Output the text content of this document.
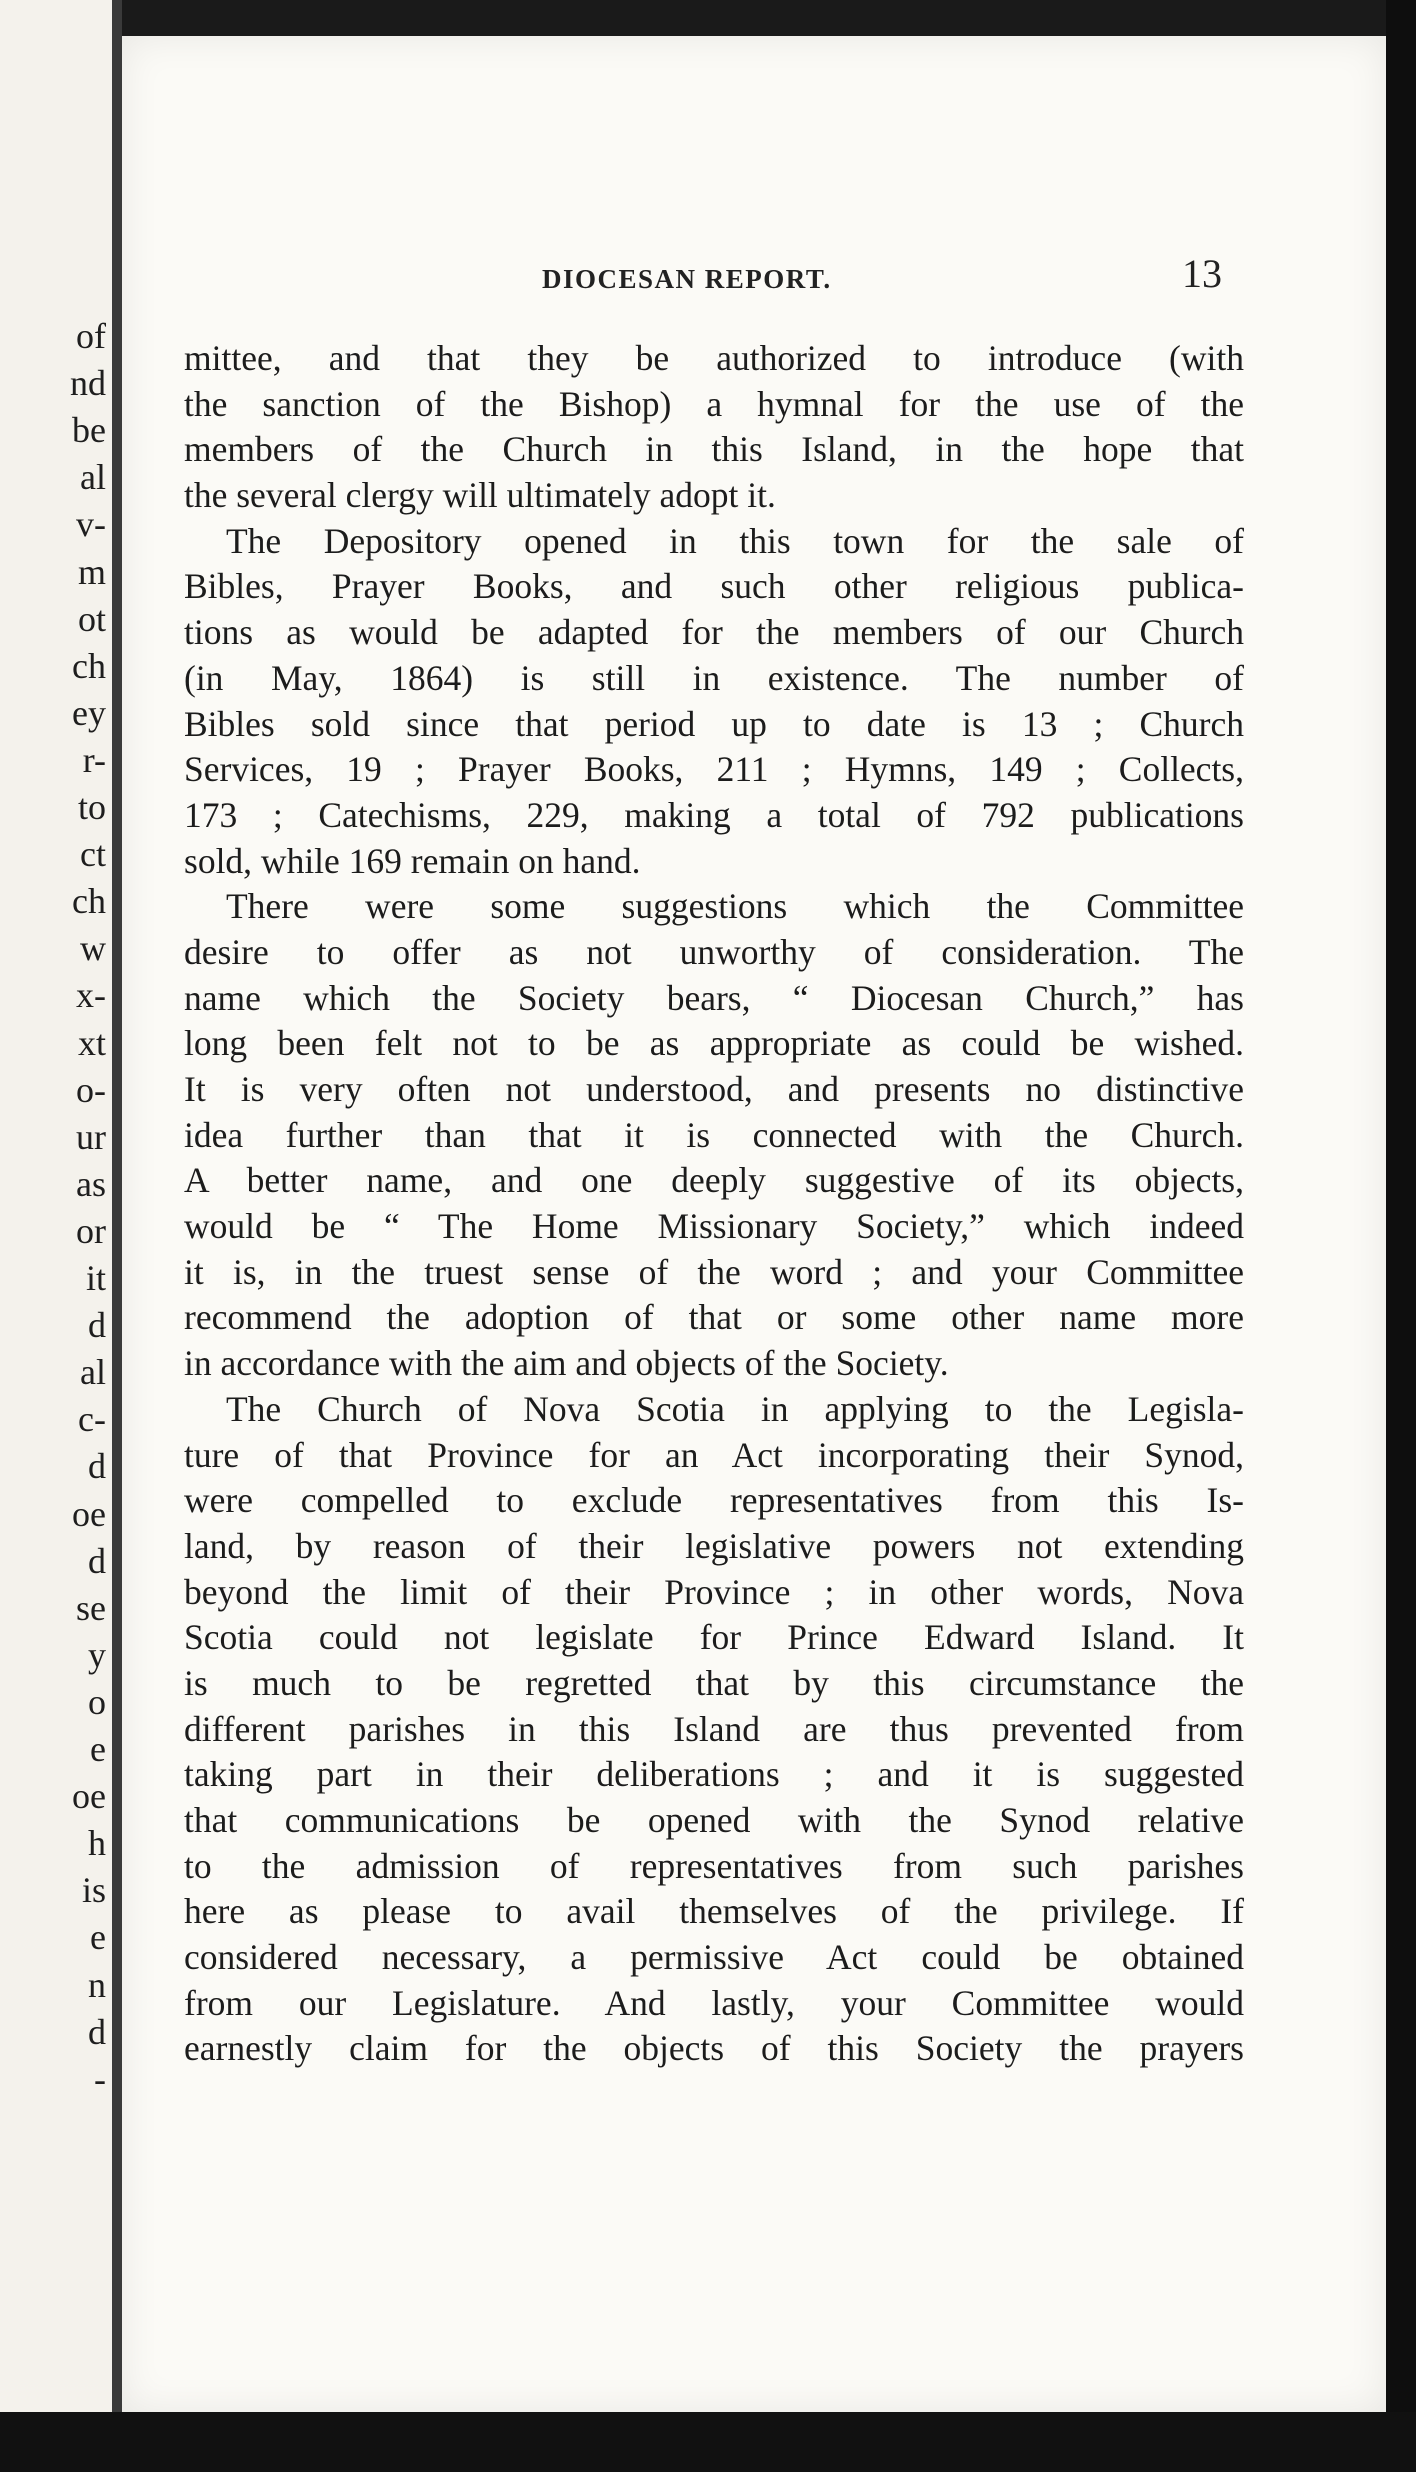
of
nd
be
al
v-
m
ot
ch
ey
r-
to
ct
ch
w
x-
xt
o-
ur
as
or
it
d
al
c-
d
oe
d
se
y
o
e
oe
h
is
e
n
d
-
DIOCESAN REPORT.	13
mittee, and that they be authorized to introduce (with
the sanction of the Bishop) a hymnal for the use of the
members of the Church in this Island, in the hope that
the several clergy will ultimately adopt it.
The Depository opened in this town for the sale of
Bibles, Prayer Books, and such other religious publica-
tions as would be adapted for the members of our Church
(in May, 1864) is still in existence. The number of
Bibles sold since that period up to date is 13 ; Church
Services, 19 ; Prayer Books, 211 ; Hymns, 149 ; Collects,
173 ; Catechisms, 229, making a total of 792 publications
sold, while 169 remain on hand.
There were some suggestions which the Committee
desire to offer as not unworthy of consideration. The
name which the Society bears, “ Diocesan Church,” has
long been felt not to be as appropriate as could be wished.
It is very often not understood, and presents no distinctive
idea further than that it is connected with the Church.
A better name, and one deeply suggestive of its objects,
would be “ The Home Missionary Society,” which indeed
it is, in the truest sense of the word ; and your Committee
recommend the adoption of that or some other name more
in accordance with the aim and objects of the Society.
The Church of Nova Scotia in applying to the Legisla-
ture of that Province for an Act incorporating their Synod,
were compelled to exclude representatives from this Is-
land, by reason of their legislative powers not extending
beyond the limit of their Province ; in other words, Nova
Scotia could not legislate for Prince Edward Island. It
is much to be regretted that by this circumstance the
different parishes in this Island are thus prevented from
taking part in their deliberations ; and it is suggested
that communications be opened with the Synod relative
to the admission of representatives from such parishes
here as please to avail themselves of the privilege. If
considered necessary, a permissive Act could be obtained
from our Legislature. And lastly, your Committee would
earnestly claim for the objects of this Society the prayers
